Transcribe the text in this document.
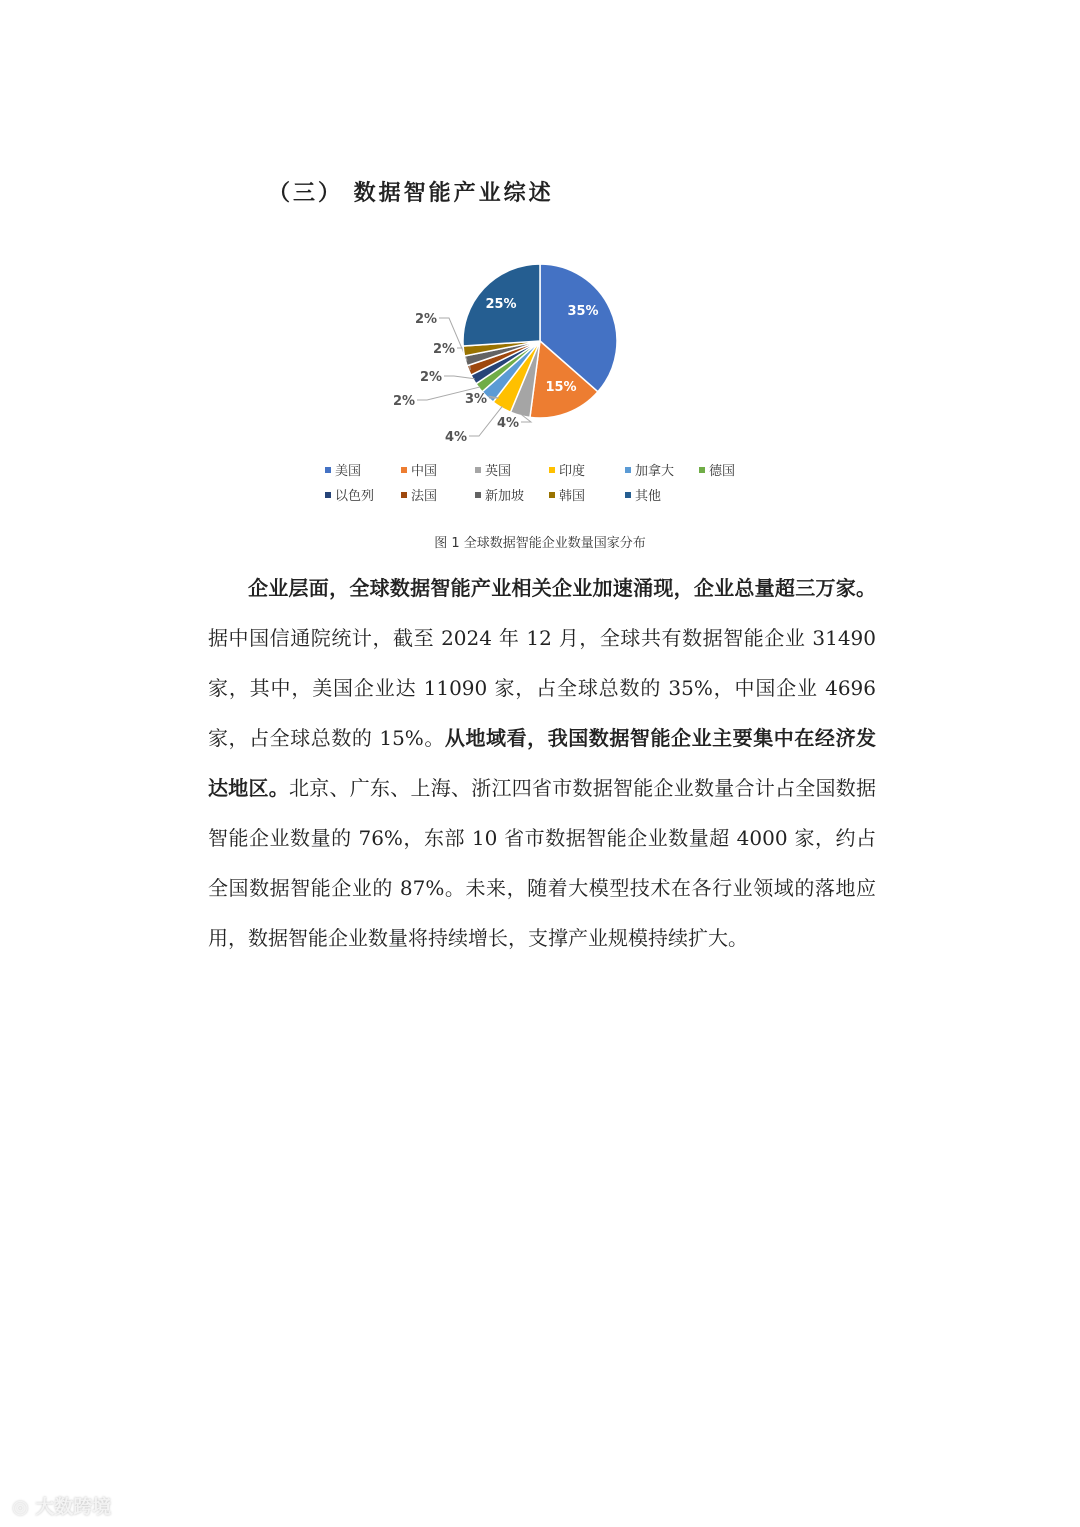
（三） 数据智能产业综述
35%
15%
4%
4%
3%
2%
2%
2%
2%
25%
美国	中国	英国	印度	加拿大	德国
以色列	法国	新加坡	韩国	其他
图 1 全球数据智能企业数量国家分布
企业层面，全球数据智能产业相关企业加速涌现，企业总量超三万家。据中国信通院统计，截至 2024 年 12 月，全球共有数据智能企业 31490 家，其中，美国企业达 11090 家，占全球总数的 35%，中国企业 4696 家，占全球总数的 15%。从地域看，我国数据智能企业主要集中在经济发达地区。北京、广东、上海、浙江四省市数据智能企业数量合计占全国数据智能企业数量的 76%，东部 10 省市数据智能企业数量超 4000 家，约占全国数据智能企业的 87%。未来，随着大模型技术在各行业领域的落地应用，数据智能企业数量将持续增长，支撑产业规模持续扩大。
◎ 大数跨境
